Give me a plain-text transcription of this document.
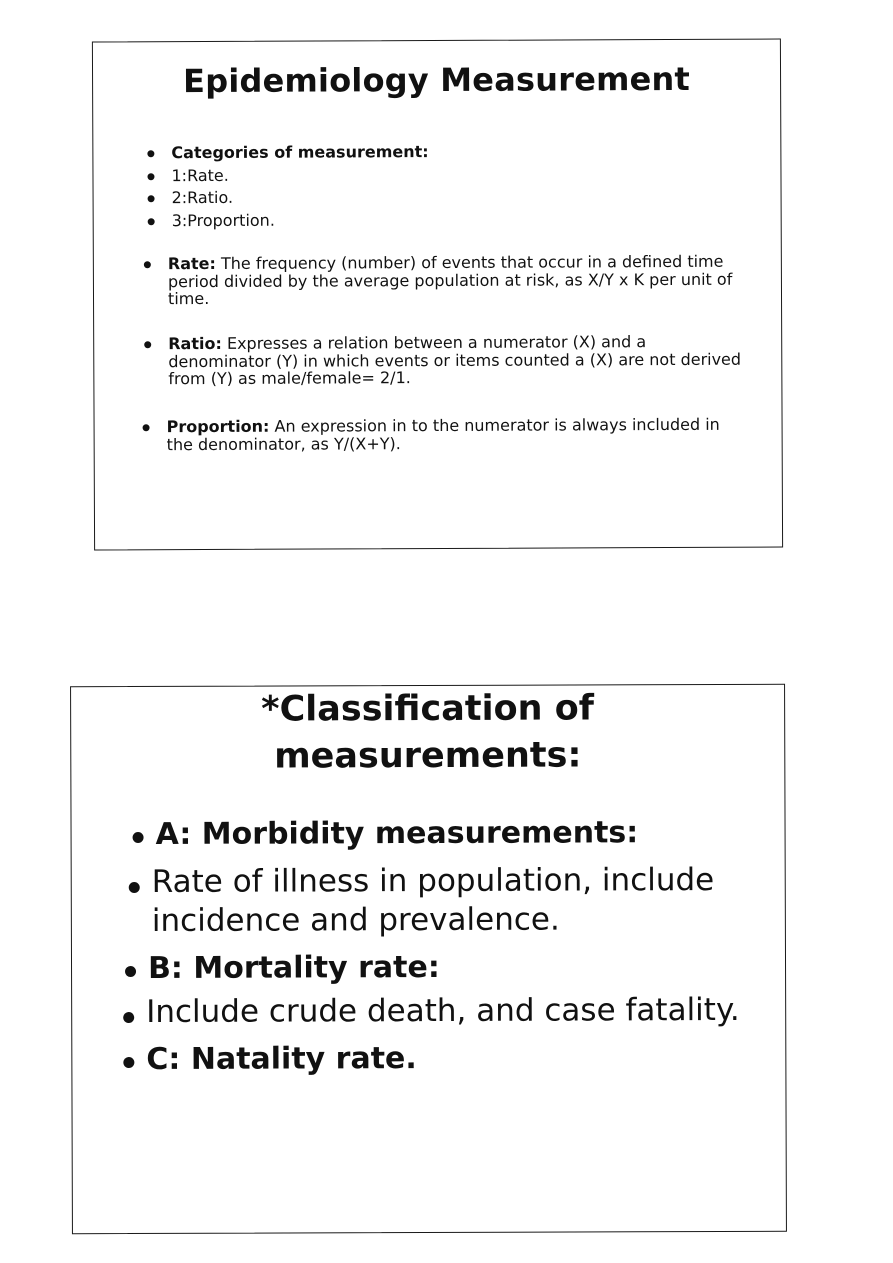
Epidemiology Measurement
Categories of measurement:
1:Rate.
2:Ratio.
3:Proportion.
Rate: The frequency (number) of events that occur in a defined time period divided by the average population at risk, as X/Y x K per unit of time.
Ratio: Expresses a relation between a numerator (X) and a denominator (Y) in which events or items counted a (X) are not derived from (Y) as male/female= 2/1.
Proportion: An expression in to the numerator is always included in the denominator, as Y/(X+Y).
*Classification of
measurements:
A: Morbidity measurements:
Rate of illness in population, include incidence and prevalence.
B: Mortality rate:
Include crude death, and case fatality.
C: Natality rate.
